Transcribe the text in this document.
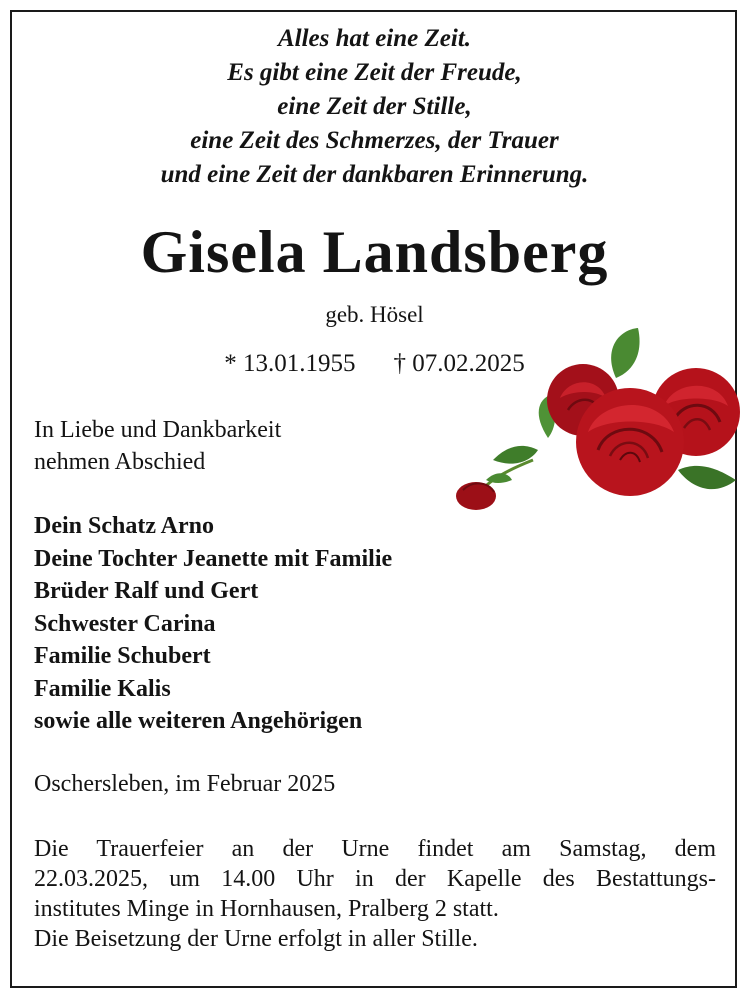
Alles hat eine Zeit.
Es gibt eine Zeit der Freude,
eine Zeit der Stille,
eine Zeit des Schmerzes, der Trauer
und eine Zeit der dankbaren Erinnerung.
Gisela Landsberg
geb. Hösel
* 13.01.1955 † 07.02.2025
In Liebe und Dankbarkeit
nehmen Abschied
Dein Schatz Arno
Deine Tochter Jeanette mit Familie
Brüder Ralf und Gert
Schwester Carina
Familie Schubert
Familie Kalis
sowie alle weiteren Angehörigen
Oschersleben, im Februar 2025
Die Trauerfeier an der Urne findet am Samstag, dem
22.03.2025, um 14.00 Uhr in der Kapelle des Bestattungs-
institutes Minge in Hornhausen, Pralberg 2 statt.
Die Beisetzung der Urne erfolgt in aller Stille.
